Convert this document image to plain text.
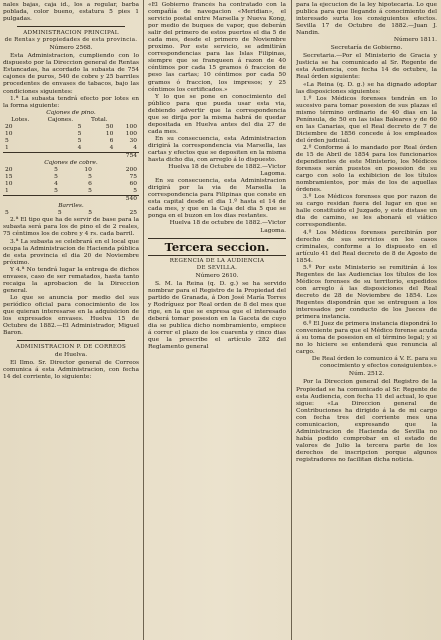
nales bajas, caja id., los a regular, barba poblada, color bueno, estatura 5 pies 1 pulgadas.

ADMINISTRACION PRINCIPAL

de Rentas y propiedades de esta provincia.

Número 2568.

Esta Administracion, cumpliendo con lo dispuesto por la Direccion general de Rentas Estancadas, ha acordado la subasta de 754 cajones de puros, 540 de cobre y 25 barriles procedentes de envases de tabacos, bajo las condiciones siguientes:

1.ª La subasta tendrá efecto por lotes en la forma siguiente:

Cajones de pino.

Lotes.	Cajones.	Total.	
20	5	50	100
10	5	10	100
5	5	6	30
1	4	4	4
			754

Cajones de cobre.

20	5	10	200
15	5	5	75
10	4	6	60
1	5	5	5
			540

Barriles.

5	5	5	25

2.ª El tipo que ha de servir de base para la subasta será para los de pino el de 2 reales, 75 céntimos los de cobre y 4 rs. cada barril.

3.ª La subasta se celebrará en el local que ocupa la Administracion de Hacienda pública de esta provincia el dia 20 de Noviembre próximo.

Y 4.ª No tendrá lugar la entrega de dichos envases, caso de ser rematados, hasta tanto recaiga la aprobacion de la Direccion general.

Lo que se anuncia por medio del sus periódico oficial para conocimiento de los que quieran interesarse en la adquisicion de los expresados envases. Huelva 15 de Octubre de 1882.—El Administrador, Miguel Baron.

ADMINISTRACION P. DE CORREOS

de Huelva.

El Ilmo. Sr. Director general de Correos comunica á esta Administracion, con fecha 14 del corriente, lo siguiente:

«El Gobierno francés ha contratado con la compañía de navegacion «Meridian», el servicio postal entre Marsella y Nueva Kong, por medio de buques de vapor, que deberán salir del primero de estos puertos el dia 5 de cada mes, desde el primero de Noviembre proximo. Por este servicio, se admitirán correspondencias para las Islas Filipinas, siempre que se franqueen á razon de 40 céntimos por cada 15 gramos ó fraccion de peso las cartas; 10 céntimos por cada 50 gramos ó fraccion, los impresos; y 25 céntimos los certificados.»

Y lo que se pone en conocimiento del público para que pueda usar esta via, debiendo advertir que la correspondencia que se dirija por la misma habrá de quedar depositada en Huelva antes del dia 27 de cada mes.

En su consecuencia, esta Administracion dirigirá la correspondencia via Marsella, las cartas y efectos que se depositen en la misma hasta dicho dia, con arreglo á lo dispuesto.

Huelva 18 de Octubre de 1882.—Victor Lagoma.

En su consecuencia, esta Administracion dirigirá por la via de Marsella la correspondencia para Filipinas que conste en esta capital desde el dia 1.º hasta el 14 de cada mes, y que en la Caja del dia 5 que se ponga en el buzon en los dias restantes.

Huelva 18 de octubre de 1882.—Victor Lagoma.

Tercera seccion.

REGENCIA DE LA AUDIENCIA

DE SEVILLA.

Número 2610.

S. M. la Reina (q. D. g.) se ha servido nombrar para el Registro de la Propiedad del partido de Granada, á Don José María Torres y Rodríguez por Real orden de 8 del mes que rige, en la que se expresa que el interesado deberá tomar posesion en la Gaceta de cuyo dia se publica dicho nombramiento, empiece á correr el plazo de los cuarenta y cinco dias que la prescribe el artículo 282 del Reglamento general

para la ejecucion de la ley hipotecaria. Lo que publica para que llegando á conocimiento del interesado surta los consiguientes efectos. Sevilla 17 de Octubre de 1882.—Juan J. Nandin.

Número 1811.

Secretaría de Gobierno.

Secretaria.—Por el Ministerio de Gracia y Justicia se ha comunicado al Sr. Regente de esta Audiencia, con fecha 14 de octubre, la Real órden siguiente:

«La Reina (q. D. g.) se ha dignado adoptar las disposiciones siguientes:

1.º Los Médicos forenses tendrán en lo sucesivo para tomar posesion de sus plazas el mismo término ordinario de 40 dias en la Península, de 50 en las islas Baleares y de 60 en las Canarias, que el Real decreto de 7 de Diciembre de 1856 concede á los empleados del órden judicial.

2.º Conforme á lo mandado por Real órden de 15 de Abril de 1854 para los funcionarios dependientes de este Ministerio, los Médicos forenses serán puestos en posesion de su cargo con solo la exhibicion de los títulos nombramientos, por más de los de aquellas órdenes.

3.º Los Médicos forenses que por razon de su cargo residan fuera del lugar en que se halle constituido el Juzgado, y este distase un dia de camino, se les abonará el viático correspondiente.

4.º Los Médicos forenses percibirán por derecho de sus servicios en los casos criminales, conforme a lo dispuesto en el artículo 41 del Real decreto de 8 de Agosto de 1854.

5.º Por este Ministerio se remitirán á los Regentes de las Audiencias los títulos de los Médicos forenses de su territorio, expedidos con arreglo á las disposiciones del Real decreto de 28 de Noviembre de 1854. Los Regentes dispondrán que se entreguen a los interesados por conducto de los Jueces de primera instancia.

6.º El Juez de primera instancia dispondrá lo conveniente para que el Médico forense acuda á su toma de posesion en el término legal; y si no lo hiciere se entenderá que renuncia al cargo.

De Real órden lo comunico á V. E. para su conocimiento y efectos consiguientes.»

Núm. 2512.

Por la Direccion general del Registro de la Propiedad se ha comunicado al Sr. Regente de esta Audiencia, con fecha 11 del actual, lo que sigue: «La Direccion general de Contribuciones ha dirigido á la de mi cargo con fecha tres del corriente mes una comunicacion, expresando que la Administracion de Hacienda de Sevilla no había podido comprobar en el estado de valores de Julio la tercera parte de los derechos de inscripcion porque algunos registradores no facilitan dicha noticia.
